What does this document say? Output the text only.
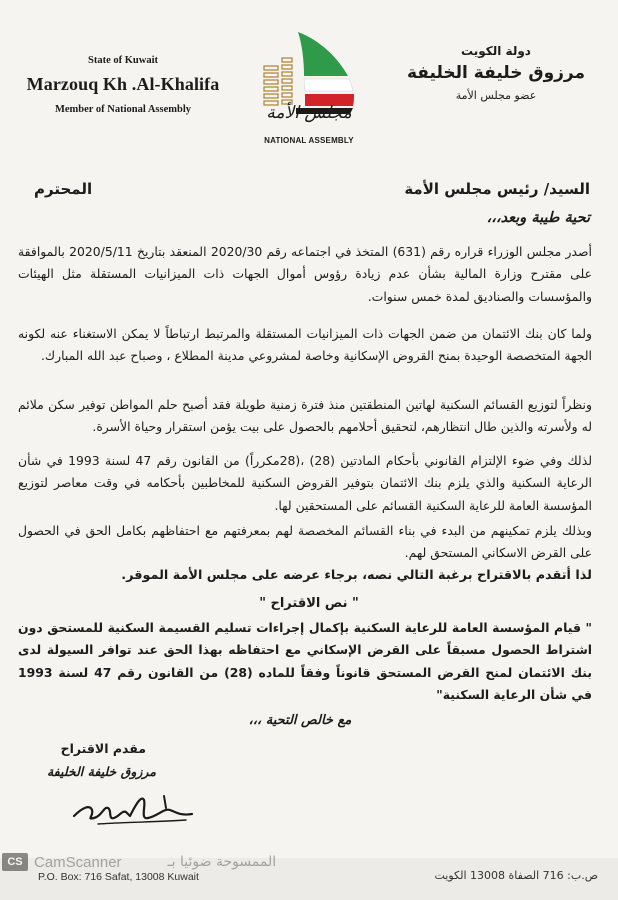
State of Kuwait
Marzouq Kh .Al-Khalifa
Member of National Assembly	مجلس الأمة
NATIONAL ASSEMBLY
دولة الكويت
مرزوق خليفة الخليفة
عضو مجلس الأمة
السيد/ رئيس مجلس الأمة
المحترم
تحية طيبة وبعد،،،
أصدر مجلس الوزراء قراره رقم (631) المتخذ في اجتماعه رقم 2020/30 المنعقد بتاريخ 2020/5/11 بالموافقة على مقترح وزارة المالية بشأن عدم زيادة رؤوس أموال الجهات ذات الميزانيات المستقلة مثل الهيئات والمؤسسات والصناديق لمدة خمس سنوات.
ولما كان بنك الائتمان من ضمن الجهات ذات الميزانيات المستقلة والمرتبط ارتباطاً لا يمكن الاستغناء عنه لكونه الجهة المتخصصة الوحيدة بمنح القروض الإسكانية وخاصة لمشروعي مدينة المطلاع ، وصباح عبد الله المبارك.
ونظراً لتوزيع القسائم السكنية لهاتين المنطقتين منذ فترة زمنية طويلة فقد أصبح حلم المواطن توفير سكن ملائم له ولأسرته والذين طال انتظارهم، لتحقيق أحلامهم بالحصول على بيت يؤمن استقرار وحياة الأسرة.
لذلك وفي ضوء الإلتزام القانوني بأحكام المادتين (28) ،(28مكرراً) من القانون رقم 47 لسنة 1993 في شأن الرعاية السكنية والذي يلزم بنك الائتمان بتوفير القروض السكنية للمخاطبين بأحكامه في وقت معاصر لتوزيع المؤسسة العامة للرعاية السكنية القسائم على المستحقين لها.
وبذلك يلزم تمكينهم من البدء في بناء القسائم المخصصة لهم بمعرفتهم مع احتفاظهم بكامل الحق في الحصول على القرض الاسكاني المستحق لهم.
لذا أتقدم بالاقتراح برغبة التالي نصه، برجاء عرضه على مجلس الأمة الموقر.
" نص الاقتراح "
" قيام المؤسسة العامة للرعاية السكنية بإكمال إجراءات تسليم القسيمة السكنية للمستحق دون اشتراط الحصول مسبقاً على القرض الإسكاني مع احتفاظه بهذا الحق عند توافر السيولة لدى بنك الائتمان لمنح القرض المستحق قانوناً وفقاً للماده (28) من القانون رقم 47 لسنة 1993 في شأن الرعاية السكنية"
مع خالص التحية ،،،
مقدم الاقتراح
مرزوق خليفة الخليفة
CS CamScanner	الممسوحة ضوئيا بـ
P.O. Box: 716 Safat, 13008 Kuwait	ص.ب: 716 الصفاة 13008 الكويت
